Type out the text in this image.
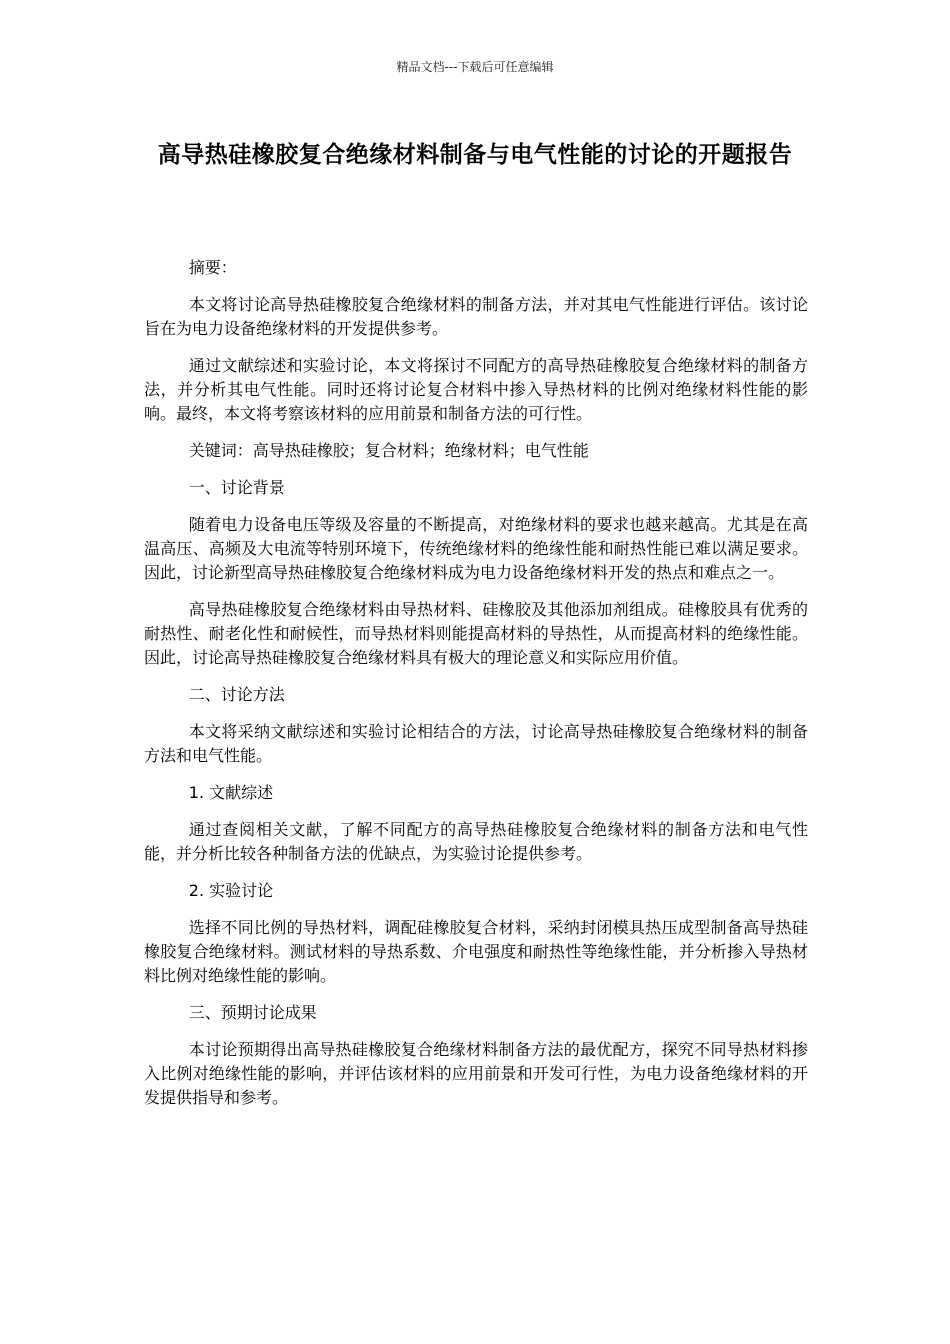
精品文档---下载后可任意编辑
高导热硅橡胶复合绝缘材料制备与电气性能的讨论的开题报告

摘要：

本文将讨论高导热硅橡胶复合绝缘材料的制备方法，并对其电气性能进行评估。该讨论旨在为电力设备绝缘材料的开发提供参考。

通过文献综述和实验讨论，本文将探讨不同配方的高导热硅橡胶复合绝缘材料的制备方法，并分析其电气性能。同时还将讨论复合材料中掺入导热材料的比例对绝缘材料性能的影响。最终，本文将考察该材料的应用前景和制备方法的可行性。

关键词：高导热硅橡胶；复合材料；绝缘材料；电气性能

一、讨论背景

随着电力设备电压等级及容量的不断提高，对绝缘材料的要求也越来越高。尤其是在高温高压、高频及大电流等特别环境下，传统绝缘材料的绝缘性能和耐热性能已难以满足要求。因此，讨论新型高导热硅橡胶复合绝缘材料成为电力设备绝缘材料开发的热点和难点之一。

高导热硅橡胶复合绝缘材料由导热材料、硅橡胶及其他添加剂组成。硅橡胶具有优秀的耐热性、耐老化性和耐候性，而导热材料则能提高材料的导热性，从而提高材料的绝缘性能。因此，讨论高导热硅橡胶复合绝缘材料具有极大的理论意义和实际应用价值。

二、讨论方法

本文将采纳文献综述和实验讨论相结合的方法，讨论高导热硅橡胶复合绝缘材料的制备方法和电气性能。

1. 文献综述

通过查阅相关文献，了解不同配方的高导热硅橡胶复合绝缘材料的制备方法和电气性能，并分析比较各种制备方法的优缺点，为实验讨论提供参考。

2. 实验讨论

选择不同比例的导热材料，调配硅橡胶复合材料，采纳封闭模具热压成型制备高导热硅橡胶复合绝缘材料。测试材料的导热系数、介电强度和耐热性等绝缘性能，并分析掺入导热材料比例对绝缘性能的影响。

三、预期讨论成果

本讨论预期得出高导热硅橡胶复合绝缘材料制备方法的最优配方，探究不同导热材料掺入比例对绝缘性能的影响，并评估该材料的应用前景和开发可行性，为电力设备绝缘材料的开发提供指导和参考。
